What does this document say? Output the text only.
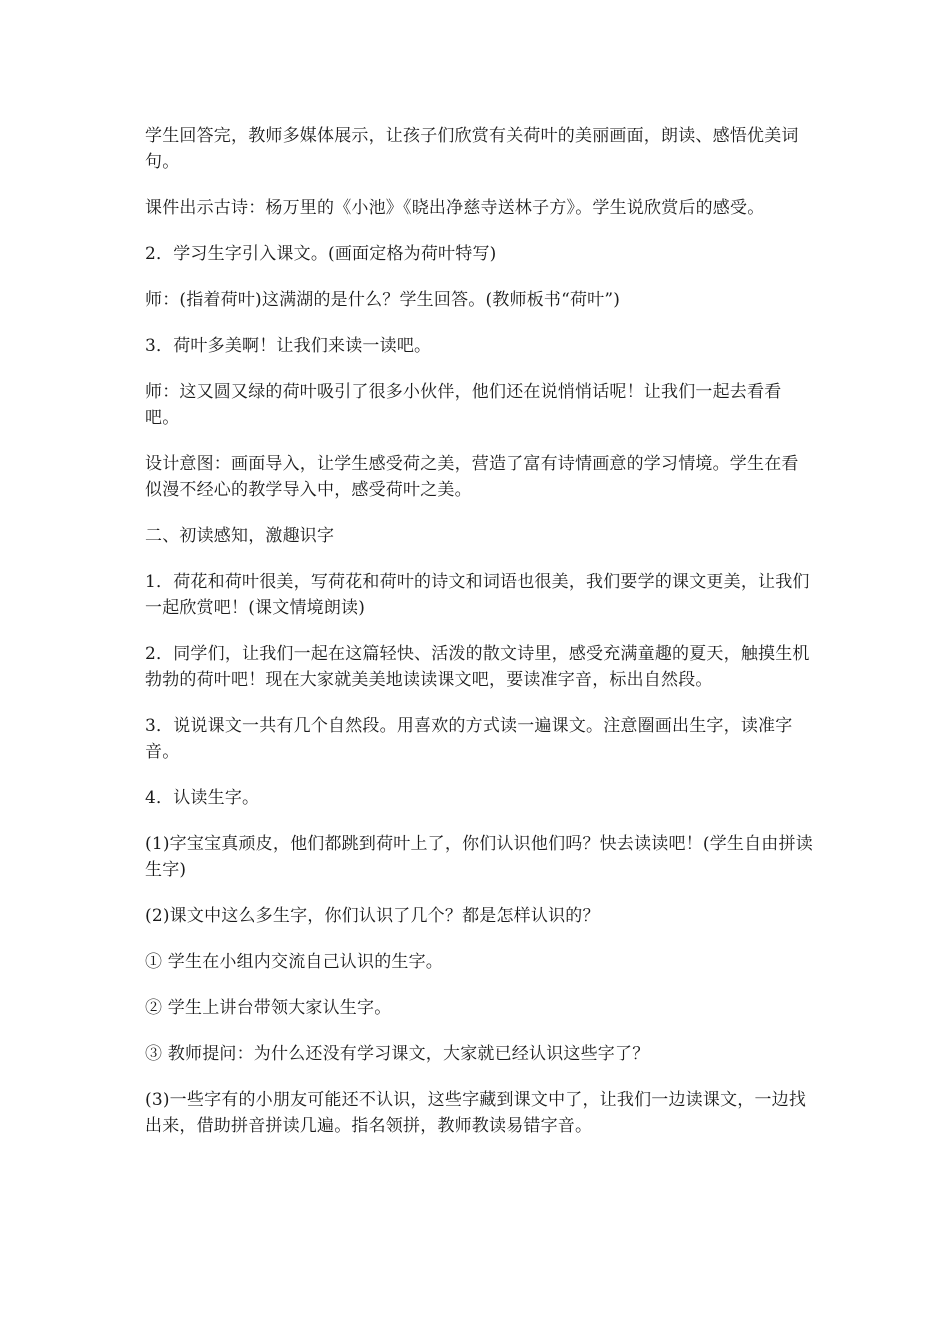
学生回答完，教师多媒体展示，让孩子们欣赏有关荷叶的美丽画面，朗读、感悟优美词句。

课件出示古诗：杨万里的《小池》《晓出净慈寺送林子方》。学生说欣赏后的感受。

2．学习生字引入课文。(画面定格为荷叶特写)

师：(指着荷叶)这满湖的是什么？学生回答。(教师板书“荷叶”)

3．荷叶多美啊！让我们来读一读吧。

师：这又圆又绿的荷叶吸引了很多小伙伴，他们还在说悄悄话呢！让我们一起去看看吧。

设计意图：画面导入，让学生感受荷之美，营造了富有诗情画意的学习情境。学生在看似漫不经心的教学导入中，感受荷叶之美。

二、初读感知，激趣识字

1．荷花和荷叶很美，写荷花和荷叶的诗文和词语也很美，我们要学的课文更美，让我们一起欣赏吧！(课文情境朗读)

2．同学们，让我们一起在这篇轻快、活泼的散文诗里，感受充满童趣的夏天，触摸生机勃勃的荷叶吧！现在大家就美美地读读课文吧，要读准字音，标出自然段。

3．说说课文一共有几个自然段。用喜欢的方式读一遍课文。注意圈画出生字，读准字音。

4．认读生字。

(1)字宝宝真顽皮，他们都跳到荷叶上了，你们认识他们吗？快去读读吧！(学生自由拼读生字)

(2)课文中这么多生字，你们认识了几个？都是怎样认识的？

① 学生在小组内交流自己认识的生字。

② 学生上讲台带领大家认生字。

③ 教师提问：为什么还没有学习课文，大家就已经认识这些字了？

(3)一些字有的小朋友可能还不认识，这些字藏到课文中了，让我们一边读课文，一边找出来，借助拼音拼读几遍。指名领拼，教师教读易错字音。
